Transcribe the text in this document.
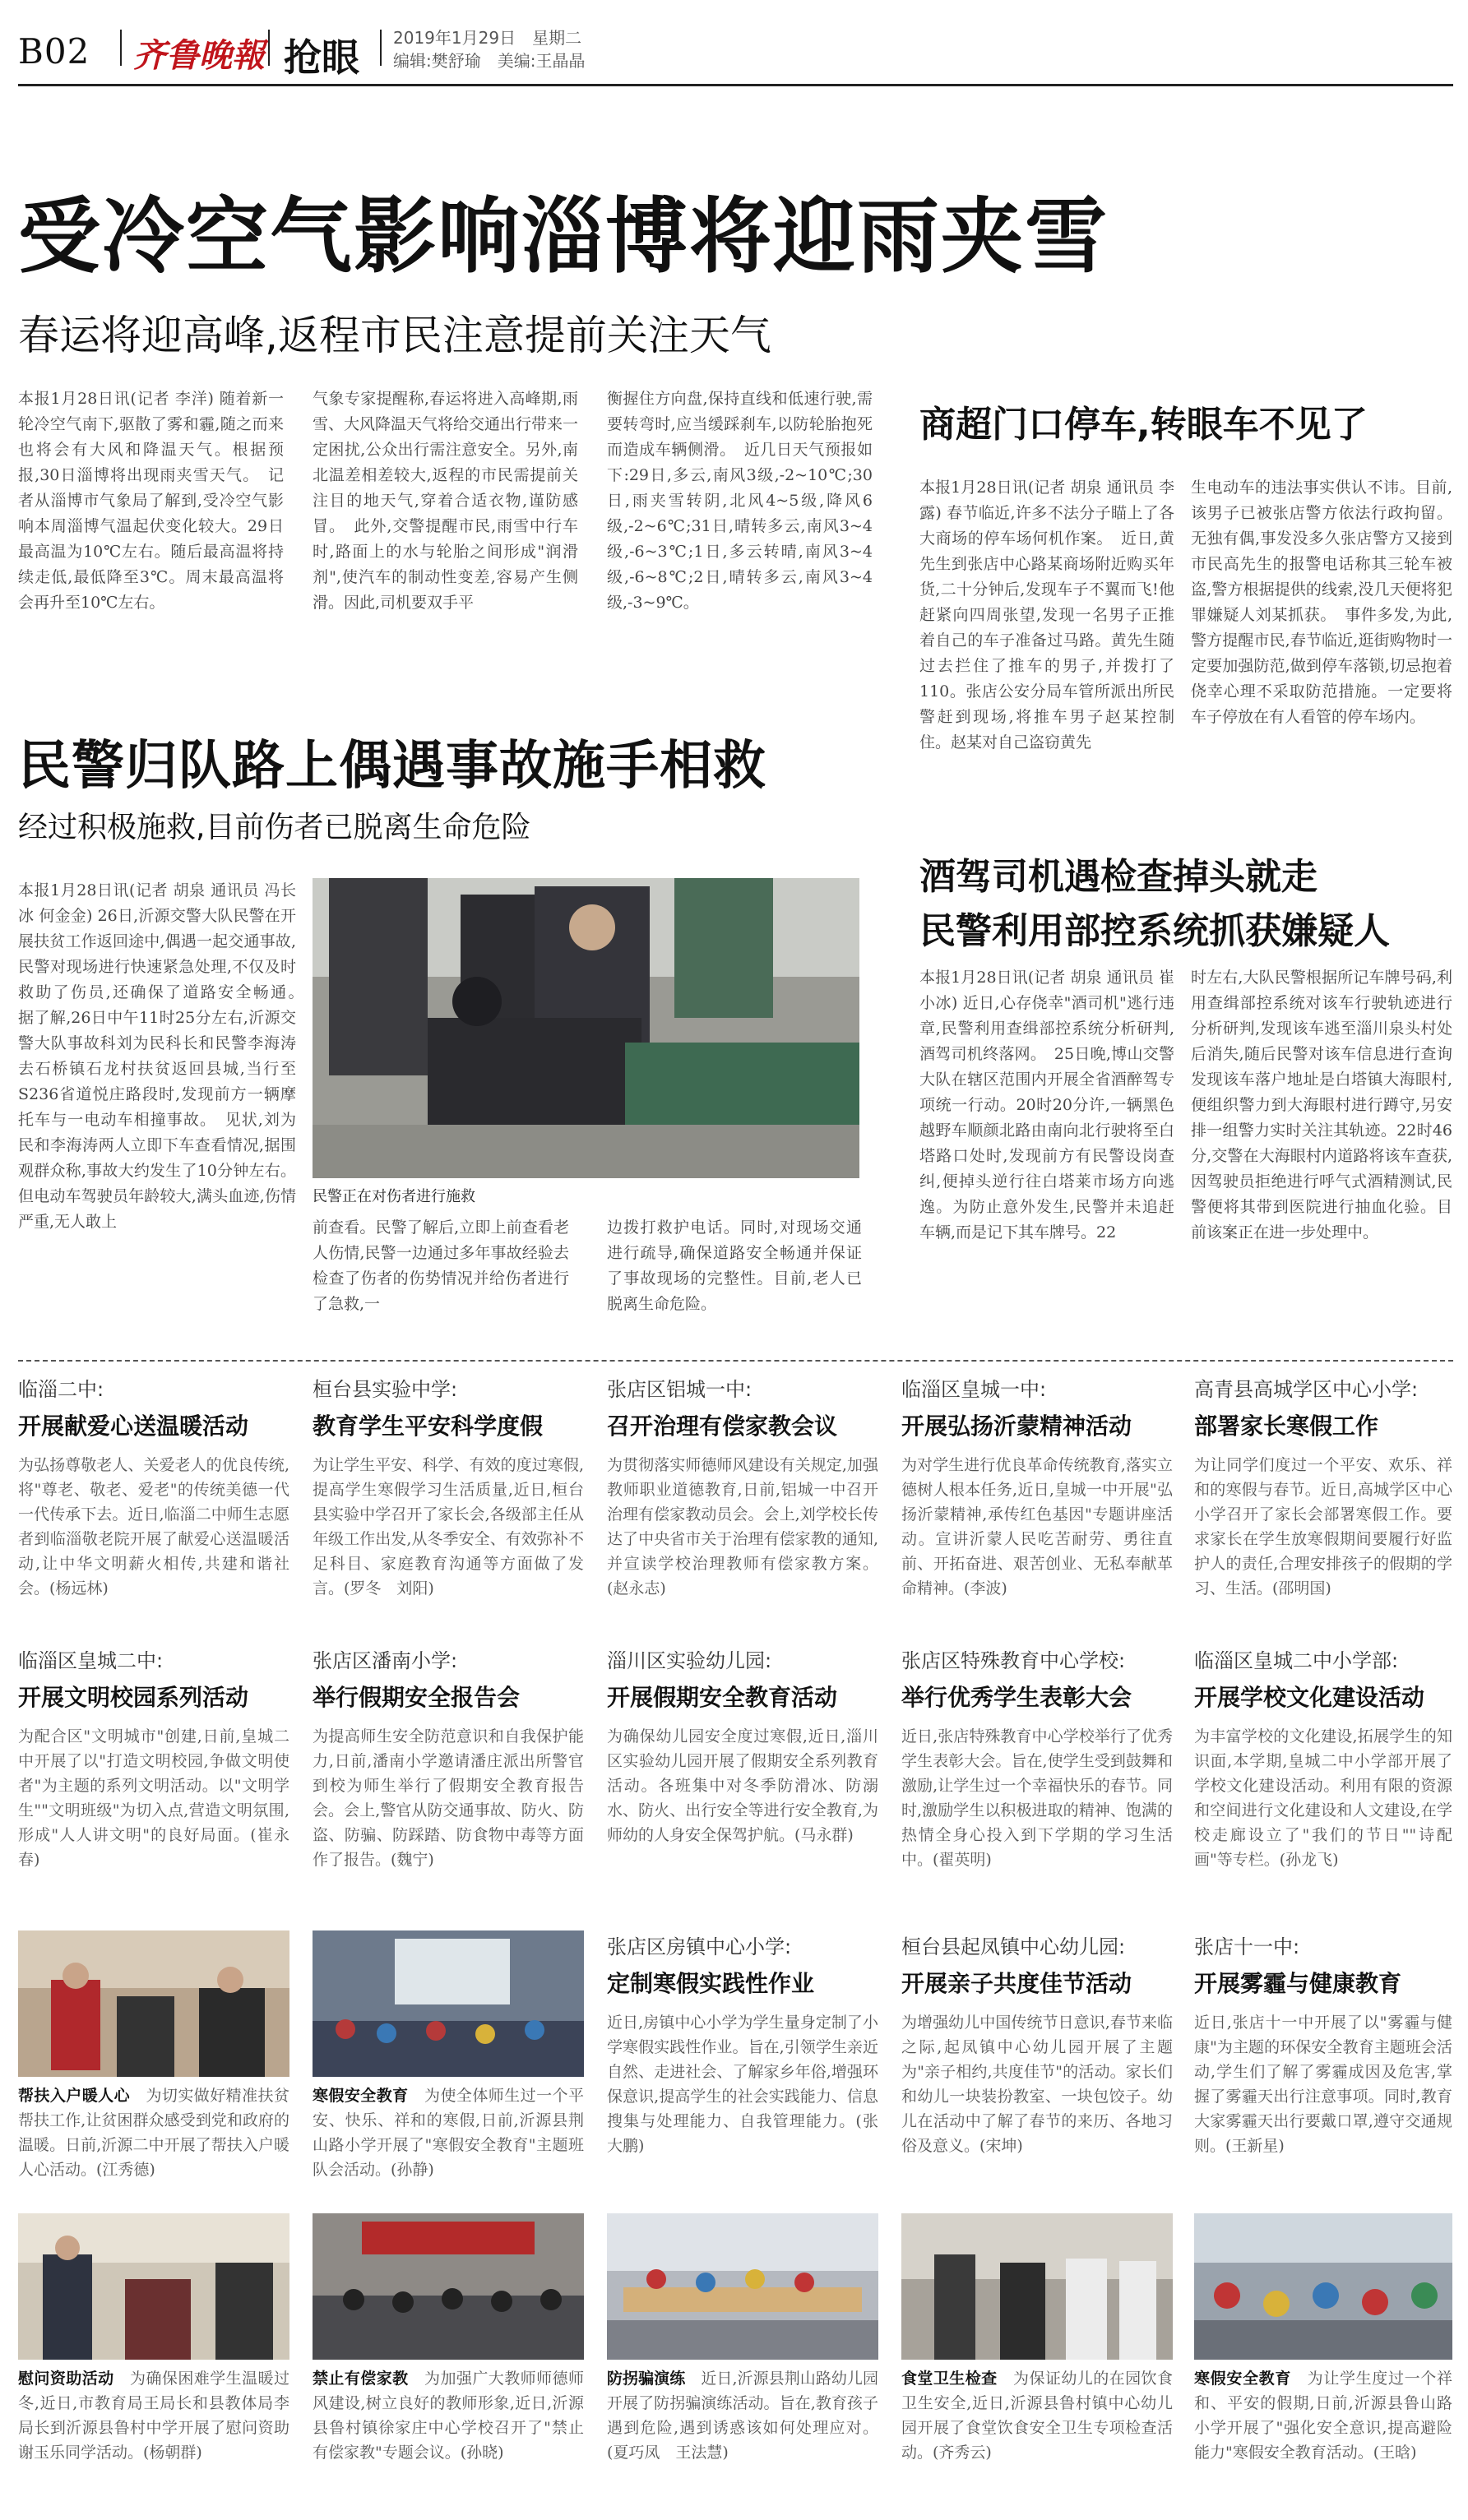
B02 齐鲁晚報 抢眼 2019年1月29日　星期二
编辑:樊舒瑜　美编:王晶晶
受冷空气影响淄博将迎雨夹雪
春运将迎高峰,返程市民注意提前关注天气
本报1月28日讯(记者 李洋) 随着新一轮冷空气南下,驱散了雾和霾,随之而来也将会有大风和降温天气。根据预报,30日淄博将出现雨夹雪天气。　记者从淄博市气象局了解到,受冷空气影响本周淄博气温起伏变化较大。29日最高温为10℃左右。随后最高温将持续走低,最低降至3℃。周末最高温将会再升至10℃左右。
气象专家提醒称,春运将进入高峰期,雨雪、大风降温天气将给交通出行带来一定困扰,公众出行需注意安全。另外,南北温差相差较大,返程的市民需提前关注目的地天气,穿着合适衣物,谨防感冒。　此外,交警提醒市民,雨雪中行车时,路面上的水与轮胎之间形成"润滑剂",使汽车的制动性变差,容易产生侧滑。因此,司机要双手平
衡握住方向盘,保持直线和低速行驶,需要转弯时,应当缓踩刹车,以防轮胎抱死而造成车辆侧滑。　近几日天气预报如下:29日,多云,南风3级,-2~10℃;30日,雨夹雪转阴,北风4~5级,降风6级,-2~6℃;31日,晴转多云,南风3~4级,-6~3℃;1日,多云转晴,南风3~4级,-6~8℃;2日,晴转多云,南风3~4级,-3~9℃。
商超门口停车,转眼车不见了
本报1月28日讯(记者 胡泉 通讯员 李露) 春节临近,许多不法分子瞄上了各大商场的停车场何机作案。　近日,黄先生到张店中心路某商场附近购买年货,二十分钟后,发现车子不翼而飞!他赶紧向四周张望,发现一名男子正推着自己的车子准备过马路。黄先生随过去拦住了推车的男子,并拨打了110。张店公安分局车管所派出所民警赶到现场,将推车男子赵某控制住。赵某对自己盗窃黄先
生电动车的违法事实供认不讳。目前,该男子已被张店警方依法行政拘留。无独有偶,事发没多久张店警方又接到市民高先生的报警电话称其三轮车被盗,警方根据提供的线索,没几天便将犯罪嫌疑人刘某抓获。　事件多发,为此,警方提醒市民,春节临近,逛街购物时一定要加强防范,做到停车落锁,切忌抱着侥幸心理不采取防范措施。一定要将车子停放在有人看管的停车场内。
民警归队路上偶遇事故施手相救
经过积极施救,目前伤者已脱离生命危险
本报1月28日讯(记者 胡泉 通讯员 冯长冰 何金金) 26日,沂源交警大队民警在开展扶贫工作返回途中,偶遇一起交通事故,民警对现场进行快速紧急处理,不仅及时救助了伤员,还确保了道路安全畅通。　据了解,26日中午11时25分左右,沂源交警大队事故科刘为民科长和民警李海涛去石桥镇石龙村扶贫返回县城,当行至S236省道悦庄路段时,发现前方一辆摩托车与一电动车相撞事故。　见状,刘为民和李海涛两人立即下车查看情况,据围观群众称,事故大约发生了10分钟左右。但电动车驾驶员年龄较大,满头血迹,伤情严重,无人敢上
民警正在对伤者进行施救
前查看。民警了解后,立即上前查看老人伤情,民警一边通过多年事故经验去检查了伤者的伤势情况并给伤者进行了急救,一
边拨打救护电话。同时,对现场交通进行疏导,确保道路安全畅通并保证了事故现场的完整性。目前,老人已脱离生命危险。
酒驾司机遇检查掉头就走
民警利用部控系统抓获嫌疑人
本报1月28日讯(记者 胡泉 通讯员 崔小冰) 近日,心存侥幸"酒司机"逃行违章,民警利用查缉部控系统分析研判,酒驾司机终落网。　25日晚,博山交警大队在辖区范围内开展全省酒醉驾专项统一行动。20时20分许,一辆黑色越野车顺颜北路由南向北行驶将至白塔路口处时,发现前方有民警设岗查纠,便掉头逆行往白塔莱市场方向逃逸。为防止意外发生,民警并未追赶车辆,而是记下其车牌号。22
时左右,大队民警根据所记车牌号码,利用查缉部控系统对该车行驶轨迹进行分析研判,发现该车逃至淄川泉头村处后消失,随后民警对该车信息进行查询发现该车落户地址是白塔镇大海眼村,便组织警力到大海眼村进行蹲守,另安排一组警力实时关注其轨迹。22时46分,交警在大海眼村内道路将该车查获,因驾驶员拒绝进行呼气式酒精测试,民警便将其带到医院进行抽血化验。目前该案正在进一步处理中。
临淄二中:
开展献爱心送温暖活动
为弘扬尊敬老人、关爱老人的优良传统,将"尊老、敬老、爱老"的传统美德一代一代传承下去。近日,临淄二中师生志愿者到临淄敬老院开展了献爱心送温暖活动,让中华文明薪火相传,共建和谐社会。(杨远林)
桓台县实验中学:
教育学生平安科学度假
为让学生平安、科学、有效的度过寒假,提高学生寒假学习生活质量,近日,桓台县实验中学召开了家长会,各级部主任从年级工作出发,从冬季安全、有效弥补不足科目、家庭教育沟通等方面做了发言。(罗冬　刘阳)
张店区铝城一中:
召开治理有偿家教会议
为贯彻落实师德师风建设有关规定,加强教师职业道德教育,日前,铝城一中召开治理有偿家教动员会。会上,刘学校长传达了中央省市关于治理有偿家教的通知,并宣读学校治理教师有偿家教方案。(赵永志)
临淄区皇城一中:
开展弘扬沂蒙精神活动
为对学生进行优良革命传统教育,落实立德树人根本任务,近日,皇城一中开展"弘扬沂蒙精神,承传红色基因"专题讲座活动。宣讲沂蒙人民吃苦耐劳、勇往直前、开拓奋进、艰苦创业、无私奉献革命精神。(李波)
高青县高城学区中心小学:
部署家长寒假工作
为让同学们度过一个平安、欢乐、祥和的寒假与春节。近日,高城学区中心小学召开了家长会部署寒假工作。要求家长在学生放寒假期间要履行好监护人的责任,合理安排孩子的假期的学习、生活。(邵明国)
临淄区皇城二中:
开展文明校园系列活动
为配合区"文明城市"创建,日前,皇城二中开展了以"打造文明校园,争做文明使者"为主题的系列文明活动。以"文明学生""文明班级"为切入点,营造文明氛围,形成"人人讲文明"的良好局面。(崔永春)
张店区潘南小学:
举行假期安全报告会
为提高师生安全防范意识和自我保护能力,日前,潘南小学邀请潘庄派出所警官到校为师生举行了假期安全教育报告会。会上,警官从防交通事故、防火、防盗、防骗、防踩踏、防食物中毒等方面作了报告。(魏宁)
淄川区实验幼儿园:
开展假期安全教育活动
为确保幼儿园安全度过寒假,近日,淄川区实验幼儿园开展了假期安全系列教育活动。各班集中对冬季防滑冰、防溺水、防火、出行安全等进行安全教育,为师幼的人身安全保驾护航。(马永群)
张店区特殊教育中心学校:
举行优秀学生表彰大会
近日,张店特殊教育中心学校举行了优秀学生表彰大会。旨在,使学生受到鼓舞和激励,让学生过一个幸福快乐的春节。同时,激励学生以积极进取的精神、饱满的热情全身心投入到下学期的学习生活中。(翟英明)
临淄区皇城二中小学部:
开展学校文化建设活动
为丰富学校的文化建设,拓展学生的知识面,本学期,皇城二中小学部开展了学校文化建设活动。利用有限的资源和空间进行文化建设和人文建设,在学校走廊设立了"我们的节日""诗配画"等专栏。(孙龙飞)
帮扶入户暖人心　 为切实做好精准扶贫帮扶工作,让贫困群众感受到党和政府的温暖。日前,沂源二中开展了帮扶入户暖人心活动。(江秀德)
寒假安全教育　 为使全体师生过一个平安、快乐、祥和的寒假,日前,沂源县荆山路小学开展了"寒假安全教育"主题班队会活动。(孙静)
张店区房镇中心小学:
定制寒假实践性作业
近日,房镇中心小学为学生量身定制了小学寒假实践性作业。旨在,引领学生亲近自然、走进社会、了解家乡年俗,增强环保意识,提高学生的社会实践能力、信息搜集与处理能力、自我管理能力。(张大鹏)
桓台县起凤镇中心幼儿园:
开展亲子共度佳节活动
为增强幼儿中国传统节日意识,春节来临之际,起凤镇中心幼儿园开展了主题为"亲子相约,共度佳节"的活动。家长们和幼儿一块装扮教室、一块包饺子。幼儿在活动中了解了春节的来历、各地习俗及意义。(宋坤)
张店十一中:
开展雾霾与健康教育
近日,张店十一中开展了以"雾霾与健康"为主题的环保安全教育主题班会活动,学生们了解了雾霾成因及危害,掌握了雾霾天出行注意事项。同时,教育大家雾霾天出行要戴口罩,遵守交通规则。(王新星)
慰问资助活动　 为确保困难学生温暖过冬,近日,市教育局王局长和县教体局李局长到沂源县鲁村中学开展了慰问资助谢玉乐同学活动。(杨朝群)
禁止有偿家教　 为加强广大教师师德师风建设,树立良好的教师形象,近日,沂源县鲁村镇徐家庄中心学校召开了"禁止有偿家教"专题会议。(孙晓)
防拐骗演练　 近日,沂源县荆山路幼儿园开展了防拐骗演练活动。旨在,教育孩子遇到危险,遇到诱惑该如何处理应对。(夏巧凤　王法慧)
食堂卫生检查　 为保证幼儿的在园饮食卫生安全,近日,沂源县鲁村镇中心幼儿园开展了食堂饮食安全卫生专项检查活动。(齐秀云)
寒假安全教育　 为让学生度过一个祥和、平安的假期,日前,沂源县鲁山路小学开展了"强化安全意识,提高避险能力"寒假安全教育活动。(王晗)
